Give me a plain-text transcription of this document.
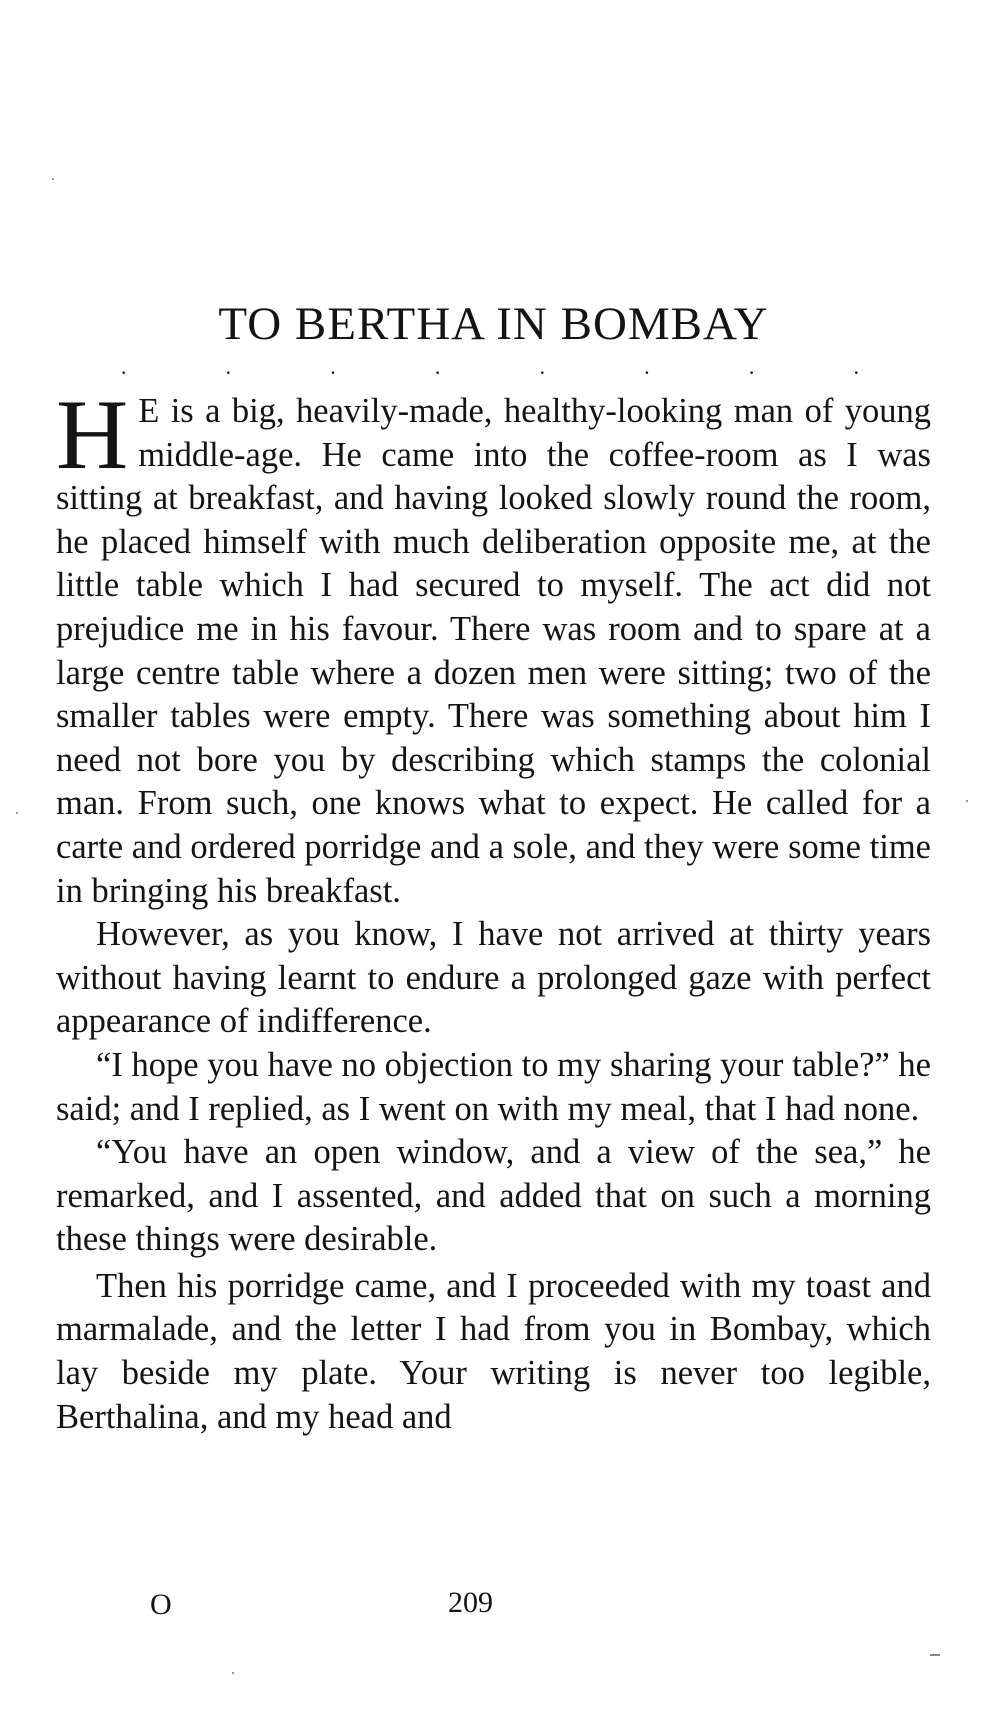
TO BERTHA IN BOMBAY
·	·	·	·	·	·	·	·

H E is a big, heavily-made, healthy-looking man of young middle-age. He came into the coffee-room as I was sitting at breakfast, and having looked slowly round the room, he placed himself with much deliberation opposite me, at the little table which I had secured to myself. The act did not prejudice me in his favour. There was room and to spare at a large centre table where a dozen men were sitting; two of the smaller tables were empty. There was something about him I need not bore you by describing which stamps the colonial man. From such, one knows what to expect. He called for a carte and ordered porridge and a sole, and they were some time in bringing his breakfast.

However, as you know, I have not arrived at thirty years without having learnt to endure a prolonged gaze with perfect appearance of indifference.

“I hope you have no objection to my sharing your table?” he said; and I replied, as I went on with my meal, that I had none.

“You have an open window, and a view of the sea,” he remarked, and I assented, and added that on such a morning these things were desirable.

Then his porridge came, and I proceeded with my toast and marmalade, and the letter I had from you in Bombay, which lay beside my plate. Your writing is never too legible, Berthalina, and my head and

O	209
